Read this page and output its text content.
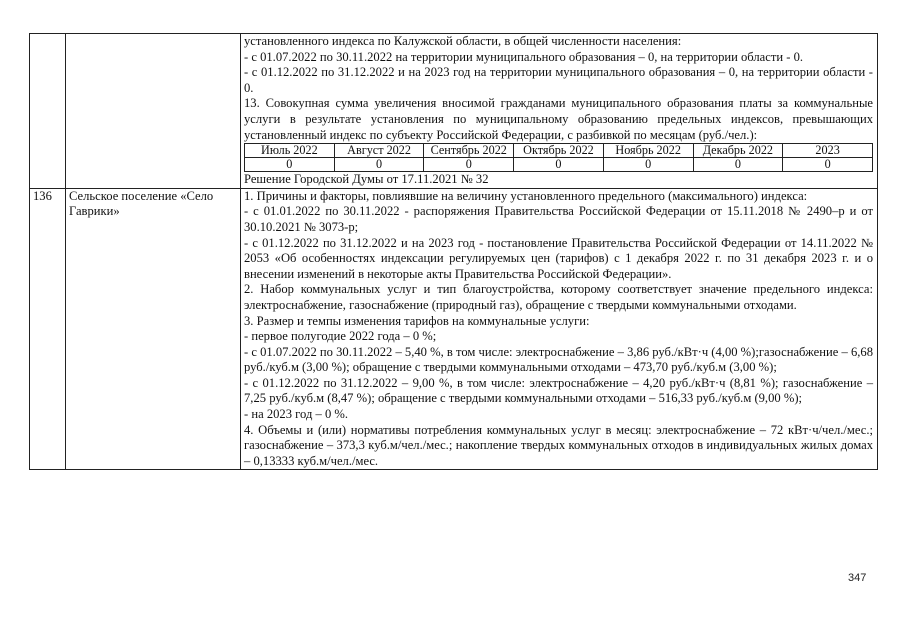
установленного индекса по Калужской области, в общей численности населения:

- с 01.07.2022 по 30.11.2022 на территории муниципального образования – 0, на территории области - 0.

- с 01.12.2022 по 31.12.2022 и на 2023 год на территории муниципального образования – 0, на территории области - 0.

13. Совокупная сумма увеличения вносимой гражданами муниципального образования платы за коммунальные услуги в результате установления по муниципальному образованию предельных индексов, превышающих установленный индекс по субъекту Российской Федерации, с разбивкой по месяцам (руб./чел.):

Июль 2022	Август 2022	Сентябрь 2022	Октябрь 2022	Ноябрь 2022	Декабрь 2022	2023
0	0	0	0	0	0	0

Решение Городской Думы от 17.11.2021 № 32

136	Сельское поселение «Село Гаврики»	

1. Причины и факторы, повлиявшие на величину установленного предельного (максимального) индекса:

- с 01.01.2022 по 30.11.2022 - распоряжения Правительства Российской Федерации от 15.11.2018 № 2490–р и от 30.10.2021 № 3073-р;

- с 01.12.2022 по 31.12.2022 и на 2023 год - постановление Правительства Российской Федерации от 14.11.2022 № 2053 «Об особенностях индексации регулируемых цен (тарифов) с 1 декабря 2022 г. по 31 декабря 2023 г. и о внесении изменений в некоторые акты Правительства Российской Федерации».

2. Набор коммунальных услуг и тип благоустройства, которому соответствует значение предельного индекса: электроснабжение, газоснабжение (природный газ), обращение с твердыми коммунальными отходами.

3. Размер и темпы изменения тарифов на коммунальные услуги:

- первое полугодие 2022 года – 0 %;

- с 01.07.2022 по 30.11.2022 – 5,40 %, в том числе: электроснабжение – 3,86 руб./кВт·ч (4,00 %);газоснабжение – 6,68 руб./куб.м (3,00 %); обращение с твердыми коммунальными отходами – 473,70 руб./куб.м (3,00 %);

- с 01.12.2022 по 31.12.2022 – 9,00 %, в том числе: электроснабжение – 4,20 руб./кВт·ч (8,81 %); газоснабжение – 7,25 руб./куб.м (8,47 %); обращение с твердыми коммунальными отходами – 516,33 руб./куб.м (9,00 %);

- на 2023 год – 0 %.

4. Объемы и (или) нормативы потребления коммунальных услуг в месяц: электроснабжение – 72 кВт·ч/чел./мес.; газоснабжение – 373,3 куб.м/чел./мес.; накопление твердых коммунальных отходов в индивидуальных жилых домах – 0,13333 куб.м/чел./мес.

347
